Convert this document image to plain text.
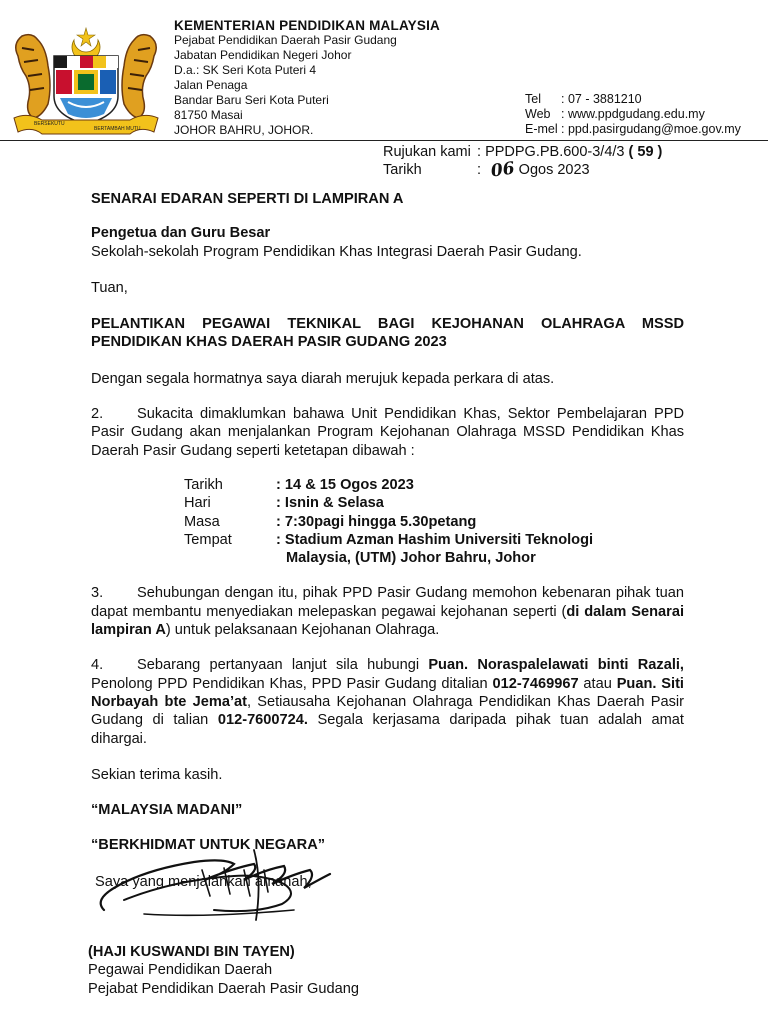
BERSEKUTU
BERTAMBAH MUTU
KEMENTERIAN PENDIDIKAN MALAYSIA
Pejabat Pendidikan Daerah Pasir Gudang
Jabatan Pendidikan Negeri Johor
D.a.: SK Seri Kota Puteri 4
Jalan Penaga
Bandar Baru Seri Kota Puteri
81750 Masai
JOHOR BAHRU, JOHOR.
Tel	: 07 - 3881210
Web : www.ppdgudang.edu.my
E-mel : ppd.pasirgudang@moe.gov.my
Rujukan kami : PPDPG.PB.600-3/4/3
( 59 )
Tarikh	: 06 Ogos 2023

SENARAI EDARAN SEPERTI DI LAMPIRAN A

Pengetua dan Guru Besar

Sekolah-sekolah Program Pendidikan Khas Integrasi Daerah Pasir Gudang.

Tuan,

PELANTIKAN PEGAWAI TEKNIKAL BAGI KEJOHANAN OLAHRAGA MSSD PENDIDIKAN KHAS DAERAH PASIR GUDANG 2023

Dengan segala hormatnya saya diarah merujuk kepada perkara di atas.

2. Sukacita dimaklumkan bahawa Unit Pendidikan Khas, Sektor Pembelajaran PPD Pasir Gudang akan menjalankan Program Kejohanan Olahraga MSSD Pendidikan Khas Daerah Pasir Gudang seperti ketetapan dibawah :

Tarikh	: 14 & 15 Ogos 2023
Hari	: Isnin & Selasa
Masa	: 7:30pagi hingga 5.30petang
Tempat	: Stadium Azman Hashim Universiti Teknologi
Malaysia, (UTM) Johor Bahru, Johor

3. Sehubungan dengan itu, pihak PPD Pasir Gudang memohon kebenaran pihak tuan dapat membantu menyediakan melepaskan pegawai kejohanan seperti (di dalam Senarai lampiran A) untuk pelaksanaan Kejohanan Olahraga.

4. Sebarang pertanyaan lanjut sila hubungi Puan. Noraspalelawati binti Razali, Penolong PPD Pendidikan Khas, PPD Pasir Gudang ditalian 012-7469967 atau Puan. Siti Norbayah bte Jema’at, Setiausaha Kejohanan Olahraga Pendidikan Khas Daerah Pasir Gudang di talian 012-7600724. Segala kerjasama daripada pihak tuan adalah amat dihargai.

Sekian terima kasih.

“MALAYSIA MADANI”

“BERKHIDMAT UNTUK NEGARA”

Saya yang menjalankan amanah,

(HAJI KUSWANDI BIN TAYEN)

Pegawai Pendidikan Daerah

Pejabat Pendidikan Daerah Pasir Gudang
